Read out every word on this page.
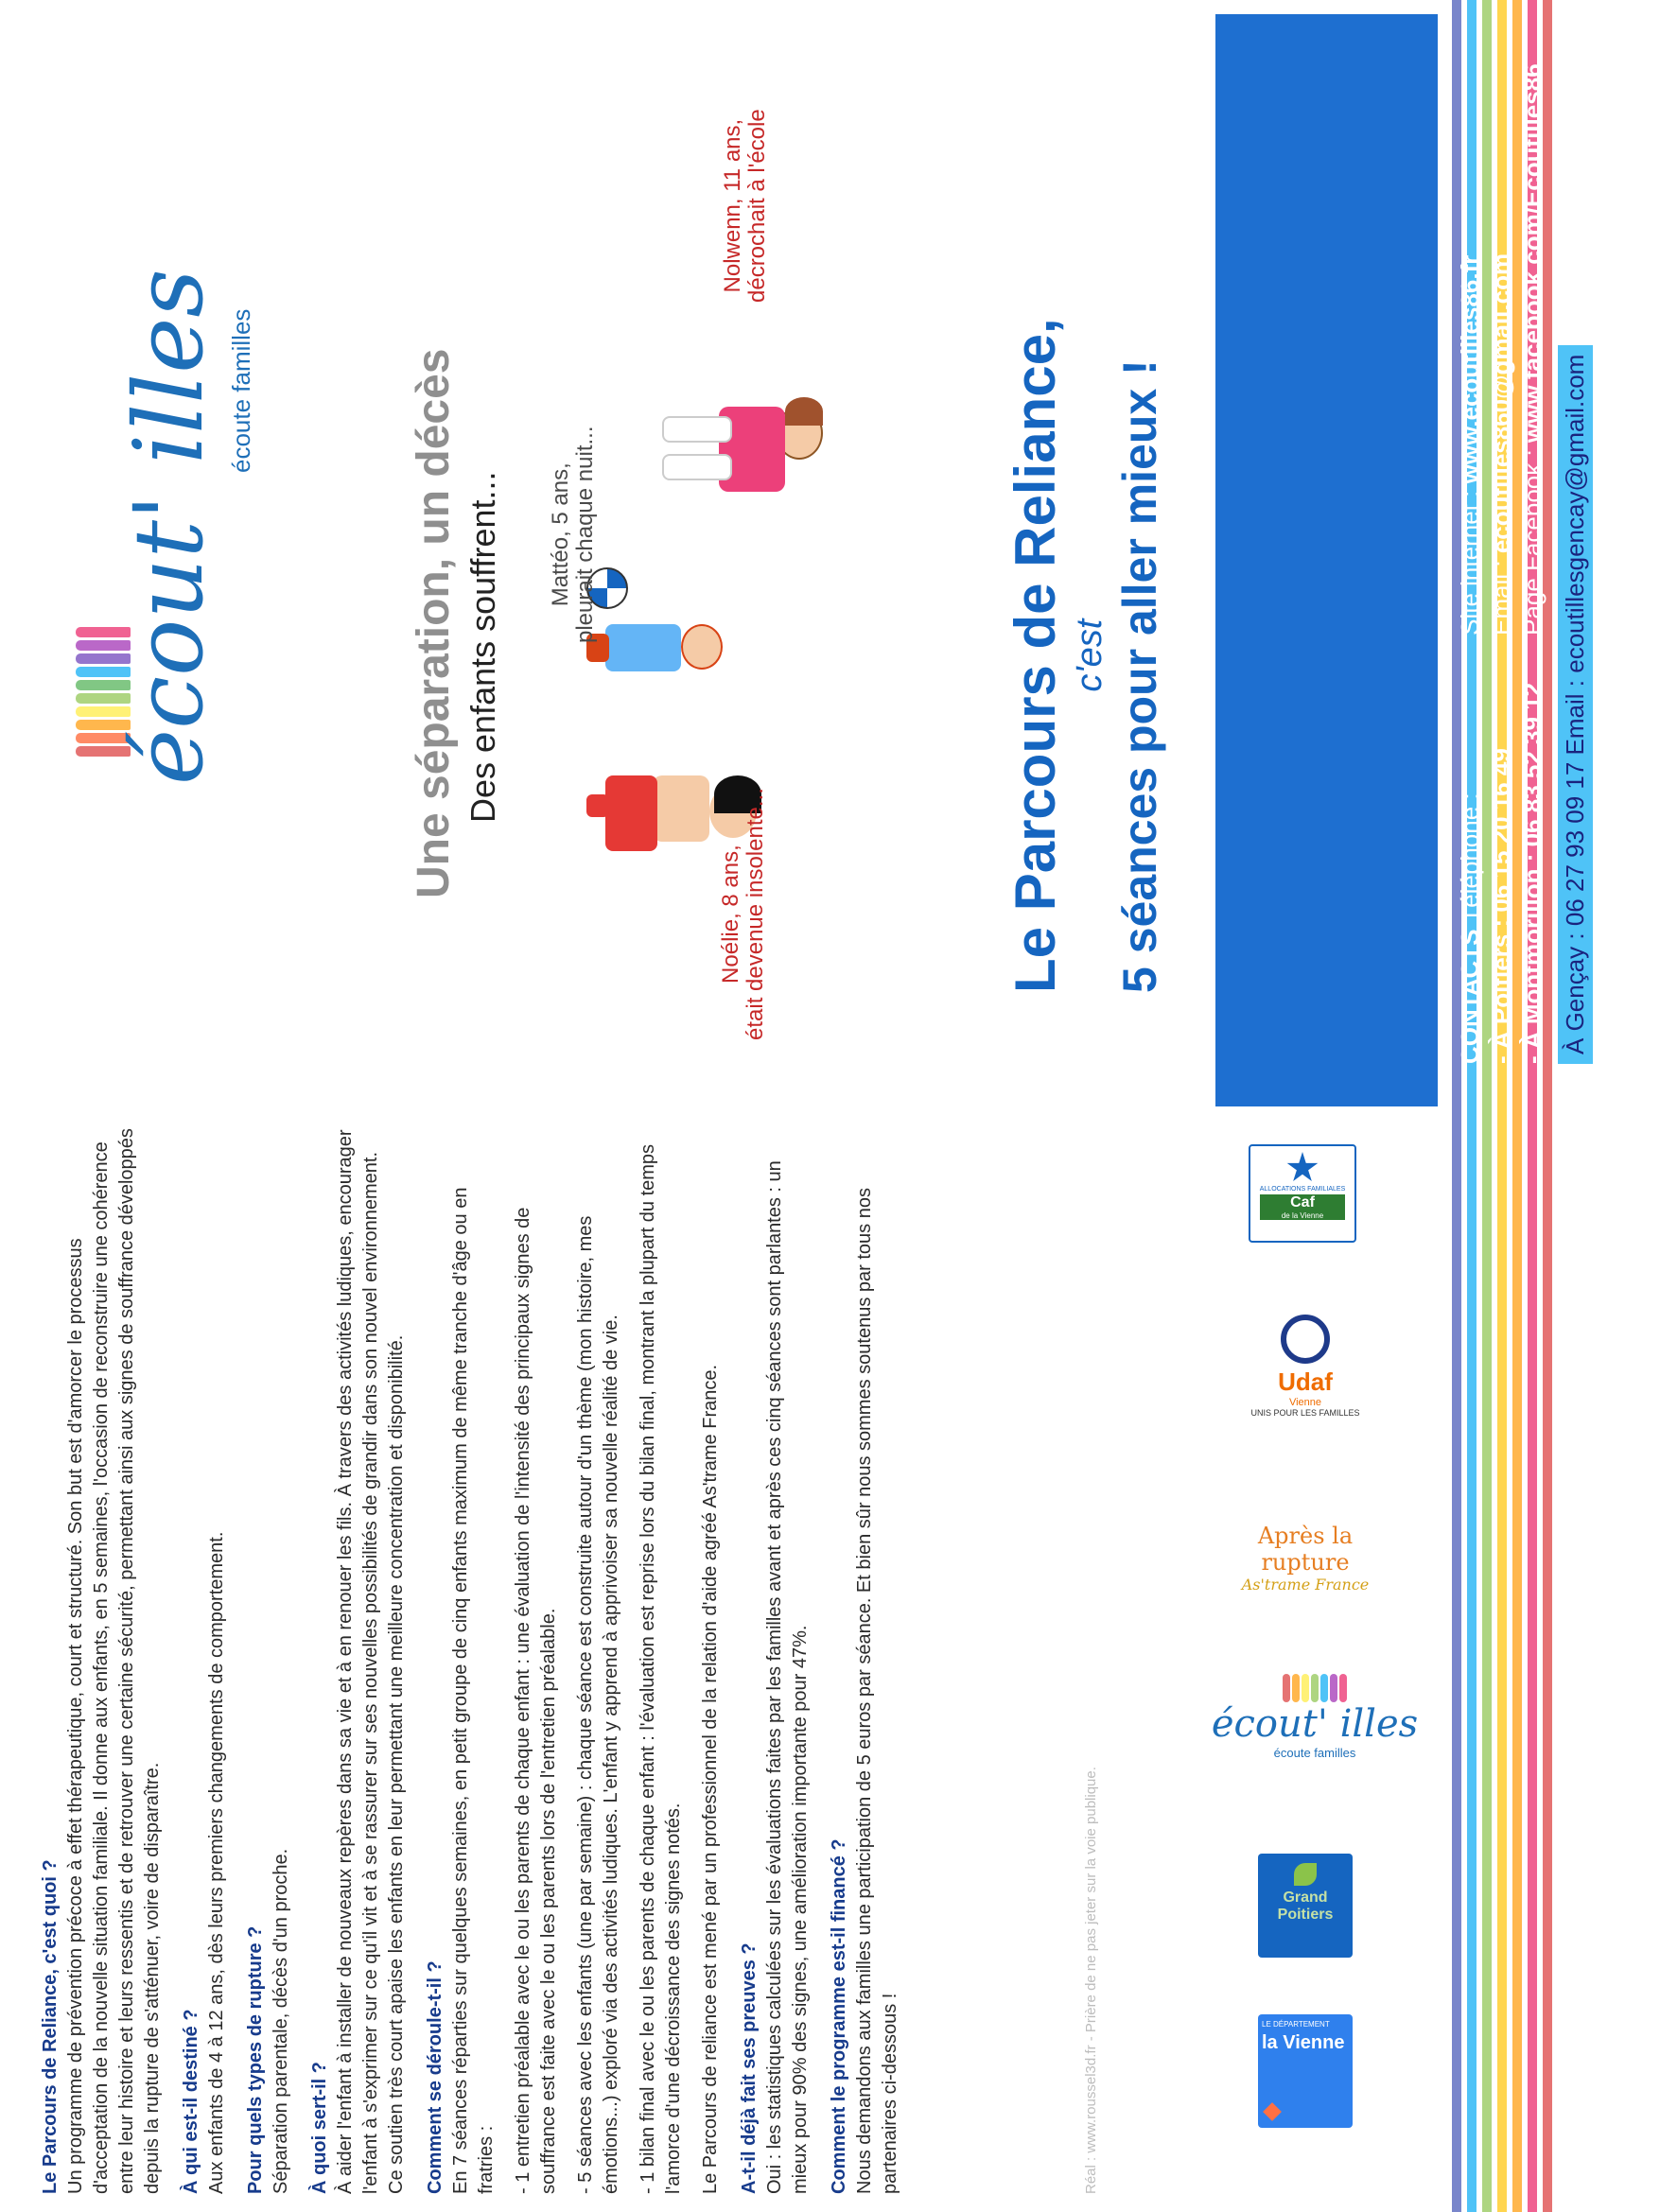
CONTACTS Téléphone : - À Poitiers : 06 15 20 16 49 - À Montmorillon : 06 83 52 39 12
Site internet : www.ecoutilles86.fr
Email : ecoutilles860@gmail.com Page Facebook : www.facebook.com/Ecoutilles86
À Gençay : 06 27 93 09 17 Email : ecoutillesgencay@gmail.com
Le Parcours de Reliance, c'est 5 séances pour aller mieux !
Une séparation, un décès Des enfants souffrent...
écout' illes écoute familles
Nolwenn, 11 ans, décrochait à l'école
Mattéo, 5 ans, pleurait chaque nuit...
Noélie, 8 ans, était devenue insolente...
Réal : www.roussel3d.fr - Prière de ne pas jeter sur la voie publique.
Le Parcours de Reliance, c'est quoi ? Un programme de prévention précoce à effet thérapeutique, court et structuré. Son but est d'amorcer le processus d'acceptation de la nouvelle situation familiale. Il donne aux enfants, en 5 semaines, l'occasion de reconstruire une cohérence entre leur histoire et leurs ressentis et de retrouver une certaine sécurité, permettant ainsi aux signes de souffrance développés depuis la rupture de s'atténuer, voire de disparaître. À qui est-il destiné ? Aux enfants de 4 à 12 ans, dès leurs premiers changements de comportement. Pour quels types de rupture ? Séparation parentale, décès d'un proche. À quoi sert-il ? À aider l'enfant à installer de nouveaux repères dans sa vie et à en renouer les fils. À travers des activités ludiques, encourager l'enfant à s'exprimer sur ce qu'il vit et à se rassurer sur ses nouvelles possibilités de grandir dans son nouvel environnement. Ce soutien très court apaise les enfants en leur permettant une meilleure concentration et disponibilité. Comment se déroule-t-il ? En 7 séances réparties sur quelques semaines, en petit groupe de cinq enfants maximum de même tranche d'âge ou en fratries : - 1 entretien préalable avec le ou les parents de chaque enfant : une évaluation de l'intensité des principaux signes de souffrance est faite avec le ou les parents lors de l'entretien préalable. - 5 séances avec les enfants (une par semaine) : chaque séance est construite autour d'un thème (mon histoire, mes émotions...) exploré via des activités ludiques. L'enfant y apprend à apprivoiser sa nouvelle réalité de vie. - 1 bilan final avec le ou les parents de chaque enfant : l'évaluation est reprise lors du bilan final, montrant la plupart du temps l'amorce d'une décroissance des signes notés. Le Parcours de reliance est mené par un professionnel de la relation d'aide agréé As'trame France. A-t-il déjà fait ses preuves ? Oui : les statistiques calculées sur les évaluations faites par les familles avant et après ces cinq séances sont parlantes : un mieux pour 90% des signes, une amélioration importante pour 47%. Comment le programme est-il financé ? Nous demandons aux familles une participation de 5 euros par séance. Et bien sûr nous sommes soutenus par tous nos partenaires ci-dessous !
ALLOCATIONS FAMILIALES
Caf
de la Vienne
Udaf
Vienne
UNIS POUR LES FAMILLES
Après la rupture
As'trame France
écout' illes
écoute familles
Grand Poitiers
LE DÉPARTEMENT
la Vienne
